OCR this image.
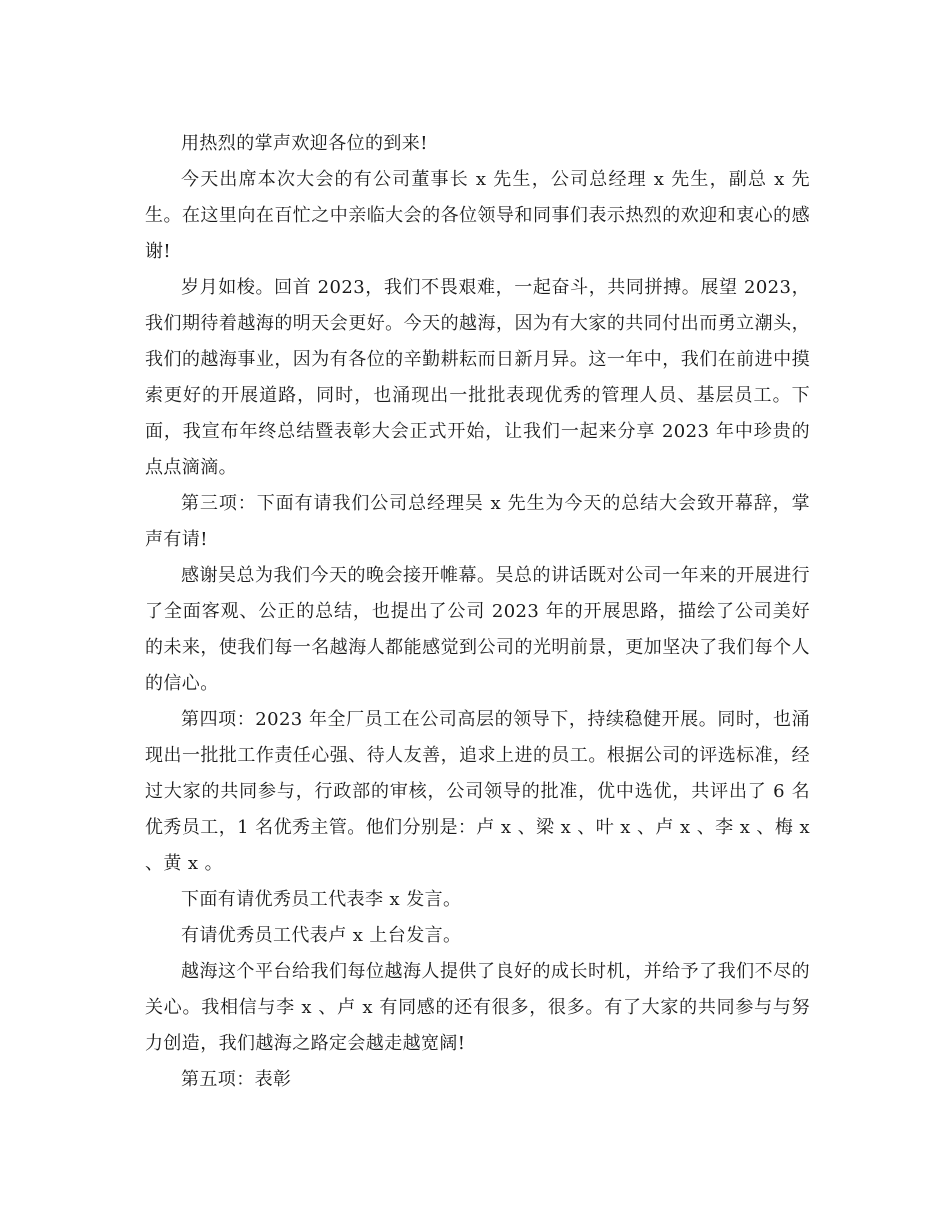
用热烈的掌声欢迎各位的到来!

今天出席本次大会的有公司董事长 x 先生，公司总经理 x 先生，副总 x 先生。在这里向在百忙之中亲临大会的各位领导和同事们表示热烈的欢迎和衷心的感谢!

岁月如梭。回首 2023，我们不畏艰难，一起奋斗，共同拼搏。展望 2023，我们期待着越海的明天会更好。今天的越海，因为有大家的共同付出而勇立潮头，我们的越海事业，因为有各位的辛勤耕耘而日新月异。这一年中，我们在前进中摸索更好的开展道路，同时，也涌现出一批批表现优秀的管理人员、基层员工。下面，我宣布年终总结暨表彰大会正式开始，让我们一起来分享 2023 年中珍贵的点点滴滴。

第三项：下面有请我们公司总经理吴 x 先生为今天的总结大会致开幕辞，掌声有请!

感谢吴总为我们今天的晚会接开帷幕。吴总的讲话既对公司一年来的开展进行了全面客观、公正的总结，也提出了公司 2023 年的开展思路，描绘了公司美好的未来，使我们每一名越海人都能感觉到公司的光明前景，更加坚决了我们每个人的信心。

第四项：2023 年全厂员工在公司高层的领导下，持续稳健开展。同时，也涌现出一批批工作责任心强、待人友善，追求上进的员工。根据公司的评选标准，经过大家的共同参与，行政部的审核，公司领导的批准，优中选优，共评出了 6 名优秀员工，1 名优秀主管。他们分别是：卢 x 、梁 x 、叶 x 、卢 x 、李 x 、梅 x 、黄 x 。

下面有请优秀员工代表李 x 发言。

有请优秀员工代表卢 x 上台发言。

越海这个平台给我们每位越海人提供了良好的成长时机，并给予了我们不尽的关心。我相信与李 x 、卢 x 有同感的还有很多，很多。有了大家的共同参与与努力创造，我们越海之路定会越走越宽阔!

第五项：表彰
